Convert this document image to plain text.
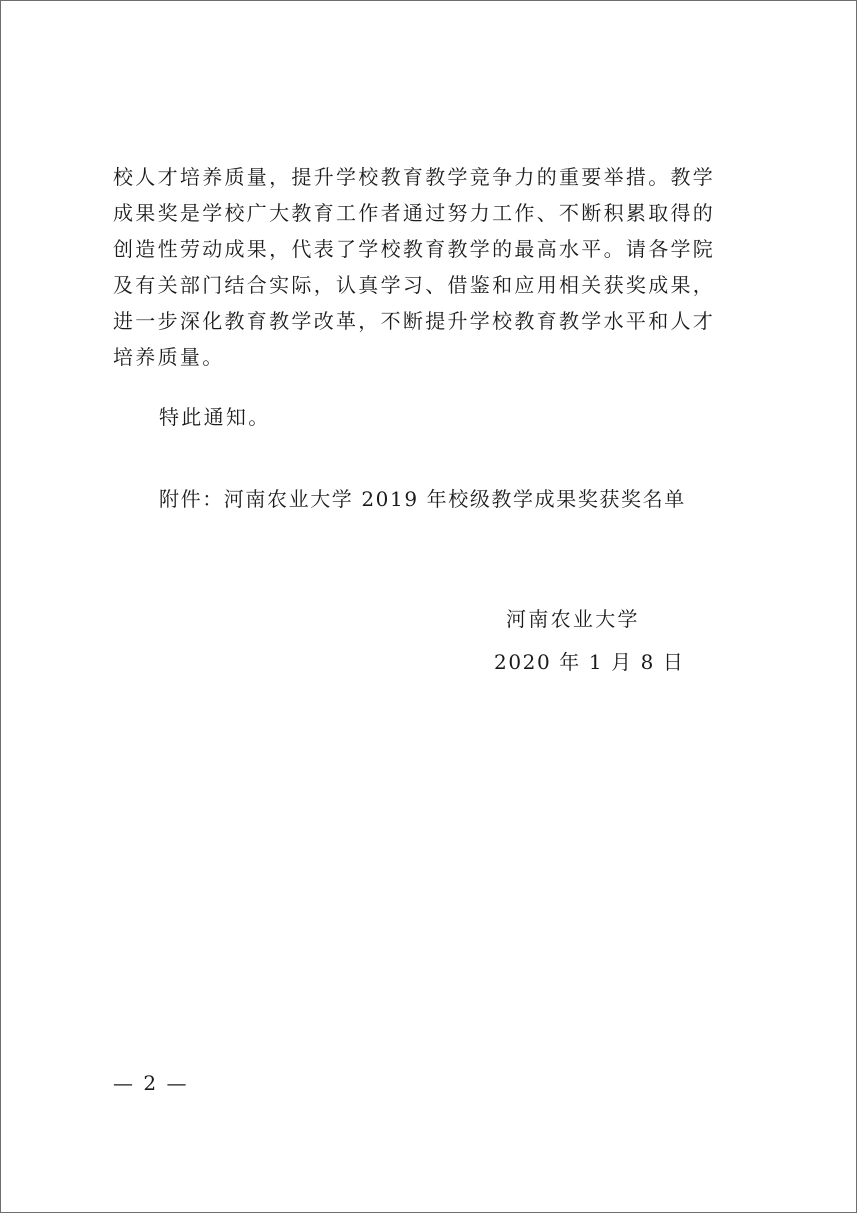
校人才培养质量，提升学校教育教学竞争力的重要举措。教学
成果奖是学校广大教育工作者通过努力工作、不断积累取得的
创造性劳动成果，代表了学校教育教学的最高水平。请各学院
及有关部门结合实际，认真学习、借鉴和应用相关获奖成果，
进一步深化教育教学改革，不断提升学校教育教学水平和人才
培养质量。
特此通知。
附件：河南农业大学 2019 年校级教学成果奖获奖名单
河南农业大学
2020 年 1 月 8 日
— 2 —
